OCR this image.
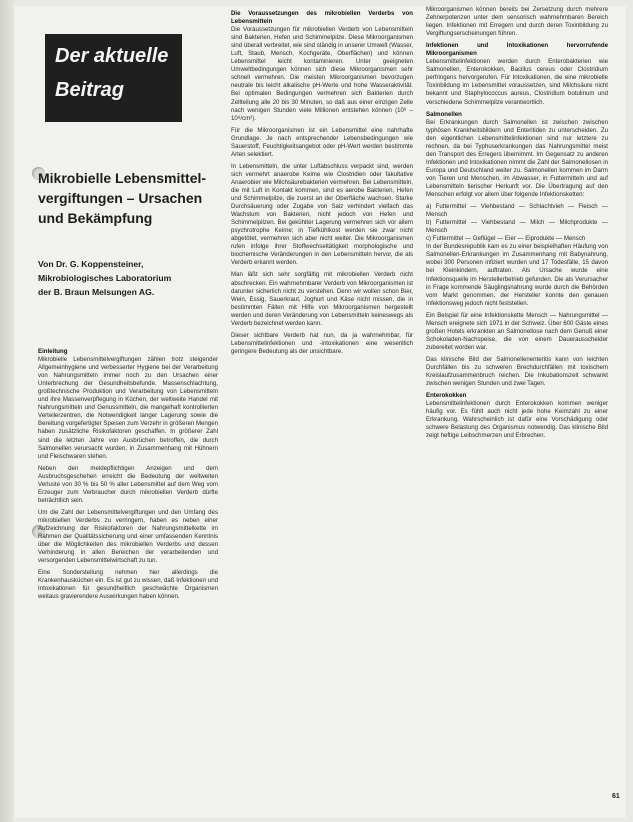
Der aktuelle
Beitrag
Mikrobielle Lebensmittel-
vergiftungen – Ursachen
und Bekämpfung
Von Dr. G. Koppensteiner,
Mikrobiologisches Laboratorium
der B. Braun Melsungen AG.
Einleitung
Mikrobielle Lebensmittelvergiftungen zählen trotz steigender Allgemeinhygiene und verbesserter Hygiene bei der Verarbeitung von Nahrungsmitteln immer noch zu den Ursachen einer Unterbrechung der Gesundheitsbefunde. Massenschlachtung, großtechnische Produktion und Verarbeitung von Lebensmitteln und ihre Massenverpflegung in Küchen, der weltweite Handel mit Nahrungsmitteln und Genussmitteln, die mangelhaft kontrollierten Verteilerzentren, die Notwendigkeit langer Lagerung sowie die Bereitung vorgefertigter Speisen zum Verzehr in größeren Mengen haben zusätzliche Risikofaktoren geschaffen. In größerer Zahl sind die letzten Jahre von Ausbrüchen betroffen, die durch Salmonellen verursacht wurden, in Zusammenhang mit Hühnern und Fleischwaren stehen.
Neben den meldepflichtigen Anzeigen und dem Ausbruchsgeschehen erreicht die Bedeutung der weltweiten Verluste von 30 % bis 50 % aller Lebensmittel auf dem Weg vom Erzeuger zum Verbraucher durch mikrobiellen Verderb dürfte beträchtlich sein.
Um die Zahl der Lebensmittelvergiftungen und den Umfang des mikrobiellen Verderbs zu verringern, haben es neben einer Aufzeichnung der Risikofaktoren der Nahrungsmittelkette im Rahmen der Qualitätssicherung und einer umfassenden Kenntnis über die Möglichkeiten des mikrobiellen Verderbs und dessen Verhinderung in allen Bereichen der verarbeitenden und versorgenden Lebensmittelwirtschaft zu tun.
Eine Sonderstellung nehmen hier allerdings die Krankenhausküchen ein. Es ist gut zu wissen, daß Infektionen und Intoxikationen für gesundheitlich geschwächte Organismen weitaus gravierendere Auswirkungen haben können.
Die Voraussetzungen des mikrobiellen Verderbs von Lebensmitteln
Die Voraussetzungen für mikrobiellen Verderb von Lebensmitteln sind Bakterien, Hefen und Schimmelpilze. Diese Mikroorganismen sind überall verbreitet, wie sind ständig in unserer Umwelt (Wasser, Luft, Staub, Mensch, Kochgeräte, Oberflächen) und können Lebensmittel leicht kontaminieren. Unter geeigneten Umweltbedingungen können sich diese Mikroorganismen sehr schnell vermehren. Die meisten Mikroorganismen bevorzugen neutrale bis leicht alkalische pH-Werte und hohe Wasseraktivität. Bei optimalen Bedingungen vermehren sich Bakterien durch Zellteilung alle 20 bis 30 Minuten, so daß aus einer einzigen Zelle nach wenigen Stunden viele Millionen entstehen können (10⁶ – 10⁸/cm²).
Für die Mikroorganismen ist ein Lebensmittel eine nahrhafte Grundlage. Je nach entsprechender Lebensbedingungen wie Sauerstoff, Feuchtigkeitsangebot oder pH-Wert werden bestimmte Arten selektiert.
In Lebensmitteln, die unter Luftabschluss verpackt sind, werden sich vermehrt anaerobe Keime wie Clostridien oder fakultative Anaerobier wie Milchsäurebakterien vermehren. Bei Lebensmitteln, die mit Luft in Kontakt kommen, sind es aerobe Bakterien, Hefen und Schimmelpilze, die zuerst an der Oberfläche wachsen. Starke Durchsäuerung oder Zugabe von Salz verhindert vielfach das Wachstum von Bakterien, nicht jedoch von Hefen und Schimmelpilzen. Bei gekühlter Lagerung vermehren sich vor allem psychrotrophe Keime; in Tiefkühlkost werden sie zwar nicht abgetötet, vermehren sich aber nicht weiter. Die Mikroorganismen rufen infolge ihrer Stoffwechseltätigkeit morphologische und biochemische Veränderungen in den Lebensmitteln hervor, die als Verderb erkannt werden.
Man läßt sich sehr sorgfältig mit mikrobiellen Verderb nicht abschrecken. Ein wahrnehmbarer Verderb von Mikroorganismen ist darunter sicherlich nicht zu verstehen. Denn wir wollen schon Bier, Wein, Essig, Sauerkraut, Joghurt und Käse nicht missen, die in bestimmten Fällen mit Hilfe von Mikroorganismen hergestellt werden und deren Veränderung von Lebensmitteln keineswegs als Verderb bezeichnet werden kann.
Dieser sichtbare Verderb hat nun, da ja wahrnehmbar, für Lebensmittelinfektionen und -intoxikationen eine wesentlich geringere Bedeutung als der unsichtbare.
Mikroorganismen können bereits bei Zersetzung durch mehrere Zehnerpotenzen unter dem sensorisch wahrnehmbaren Bereich liegen. Infektionen mit Erregern und durch deren Toxinbildung zu Vergiftungserscheinungen führen.
Infektionen und Intoxikationen hervorrufende Mikroorganismen
Lebensmittelinfektionen werden durch Enterobakterien wie Salmonellen, Enterokokken, Bacillus cereus oder Clostridium perfringens hervorgerufen. Für Intoxikationen, die eine mikrobielle Toxinbildung im Lebensmittel voraussetzen, sind Milchsäure nicht bekannt und Staphylococcus aureus, Clostridium botulinum und verschiedene Schimmelpilze verantwortlich.
Salmonellen
Bei Erkrankungen durch Salmonellen ist zwischen zwischen typhösen Krankheitsbildern und Enteritiden zu unterscheiden. Zu den eigentlichen Lebensmittelinfektionen sind nur letztere zu rechnen, da bei Typhuserkrankungen das Nahrungsmittel meist den Transport des Erregers übernimmt. Im Gegensatz zu anderen Infektionen und Intoxikationen nimmt die Zahl der Salmonellosen in Europa und Deutschland weiter zu. Salmonellen kommen im Darm von Tieren und Menschen, im Abwasser, in Futtermitteln und auf Lebensmitteln tierischer Herkunft vor. Die Übertragung auf den Menschen erfolgt vor allem über folgende Infektionsketten:
a) Futtermittel — Viehbestand — Schlachtvieh — Fleisch — Mensch
b) Futtermittel — Viehbestand — Milch — Milchprodukte — Mensch
c) Futtermittel — Geflügel — Eier — Eiprodukte — Mensch
In der Bundesrepublik kam es zu einer beispielhaften Häufung von Salmonellen-Erkrankungen im Zusammenhang mit Babynahrung, wobei 300 Personen infiziert wurden und 17 Todesfälle, 15 davon bei Kleinkindern, auftraten. Als Ursache wurde eine Infektionsquelle im Herstellerbetrieb gefunden. Die als Verursacher in Frage kommende Säuglingsnahrung wurde durch die Behörden vom Markt genommen, der Hersteller konnte den genauen Infektionsweg jedoch nicht feststellen.
Ein Beispiel für eine Infektionskette Mensch — Nahrungsmittel — Mensch ereignete sich 1971 in der Schweiz. Über 600 Gäste eines großen Hotels erkrankten an Salmonellose nach dem Genuß einer Schokoladen-Nachspeise, die von einem Dauerausscheider zubereitet worden war.
Das klinische Bild der Salmonellenenteritis kann von leichten Durchfällen bis zu schweren Brechdurchfällen mit toxischem Kreislaufzusammenbruch reichen. Die Inkubationszeit schwankt zwischen wenigen Stunden und zwei Tagen.
Enterokokken
Lebensmittelinfektionen durch Enterokokken kommen weniger häufig vor. Es fühlt auch nicht jede hohe Keimzahl zu einer Erkrankung. Wahrscheinlich ist dafür eine Vorschädigung oder schwere Belastung des Organismus notwendig. Das klinische Bild zeigt heftige Leibschmerzen und Erbrechen.
61
